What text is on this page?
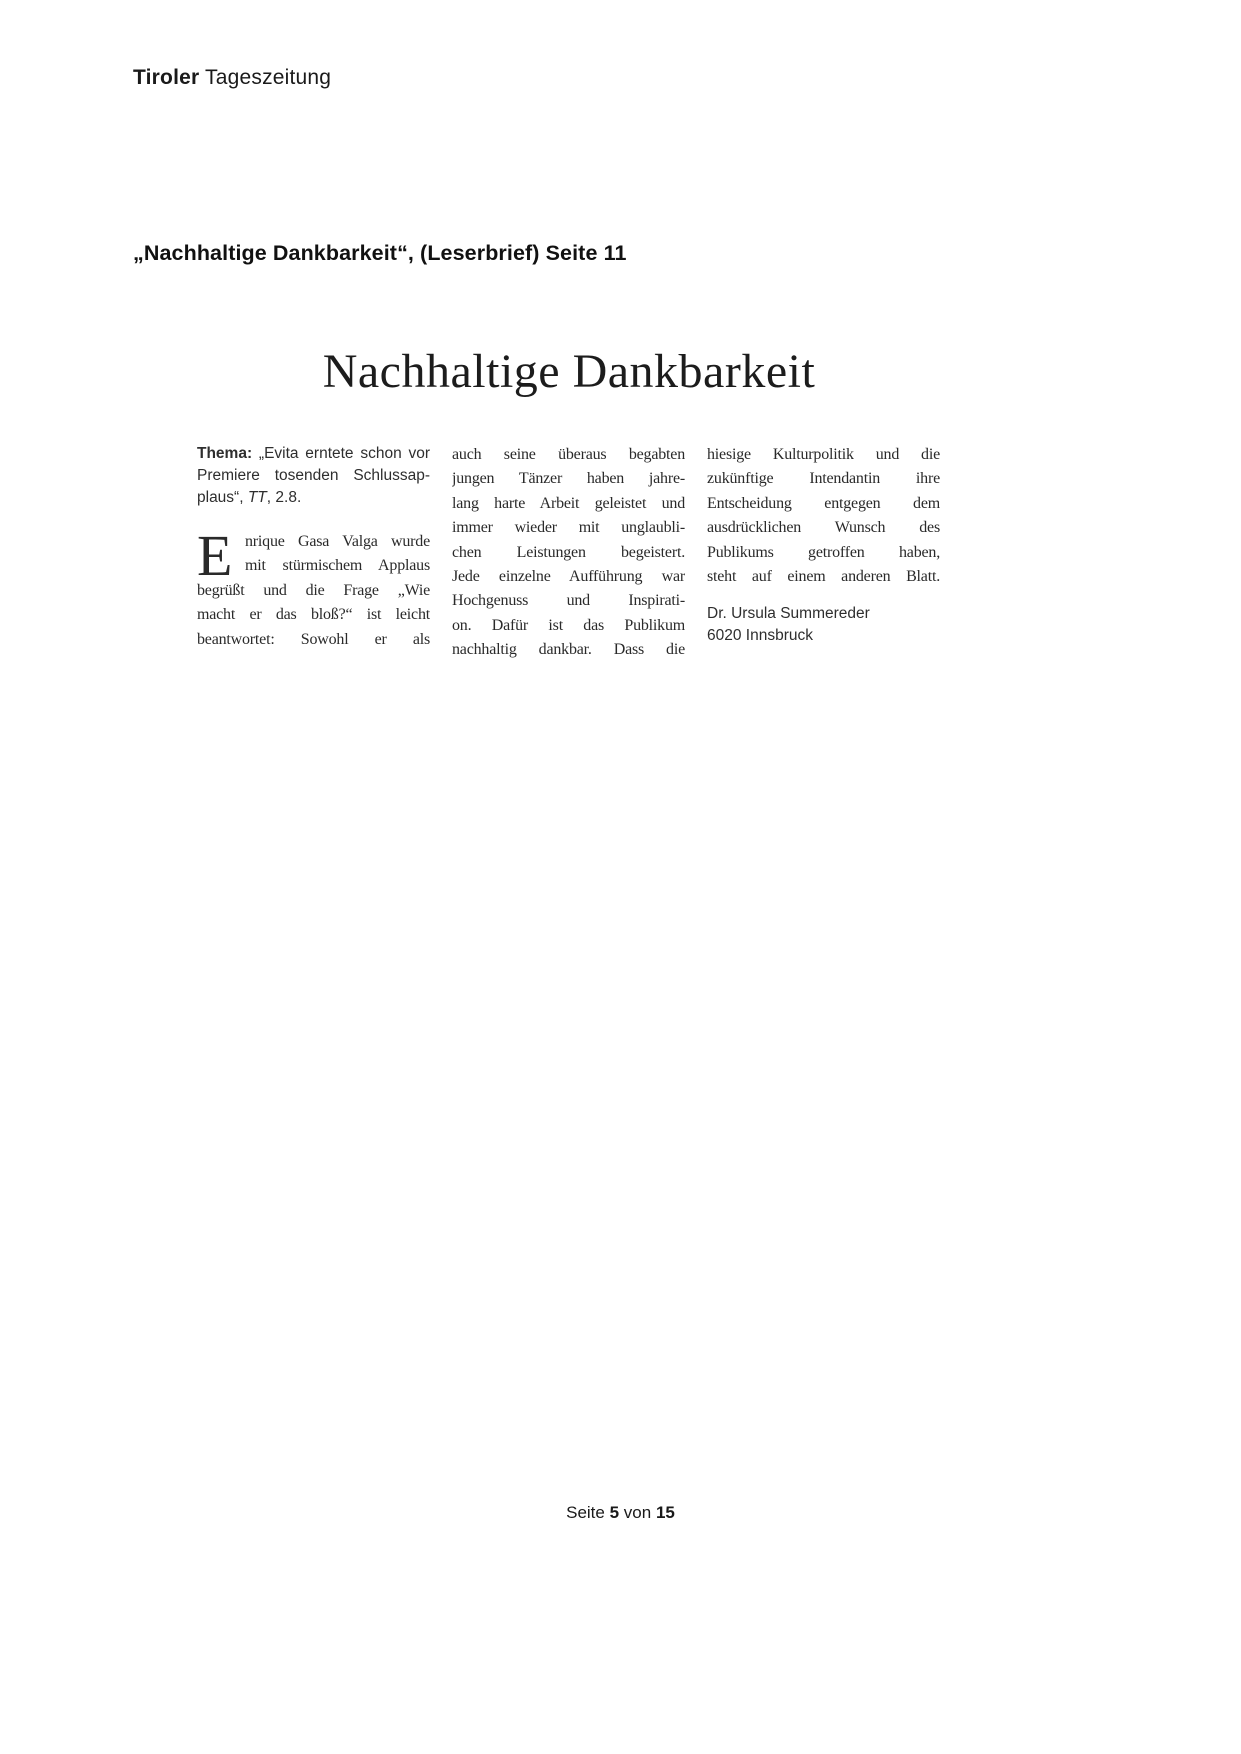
Tiroler Tageszeitung
„Nachhaltige Dankbarkeit“, (Leserbrief) Seite 11
Nachhaltige Dankbarkeit
Thema: „Evita erntete schon vor
Premiere tosenden Schlussap-
plaus“, TT, 2.8.
E nrique Gasa Valga wurde
mit stürmischem Applaus
begrüßt und die Frage „Wie
macht er das bloß?“ ist leicht
beantwortet: Sowohl er als
auch seine überaus begabten
jungen Tänzer haben jahre-
lang harte Arbeit geleistet und
immer wieder mit unglaubli-
chen Leistungen begeistert.
Jede einzelne Aufführung war
Hochgenuss und Inspirati-
on. Dafür ist das Publikum
nachhaltig dankbar. Dass die
hiesige Kulturpolitik und die
zukünftige Intendantin ihre
Entscheidung entgegen dem
ausdrücklichen Wunsch des
Publikums getroffen haben,
steht auf einem anderen Blatt.
Dr. Ursula Summereder
6020 Innsbruck
Seite 5 von 15
